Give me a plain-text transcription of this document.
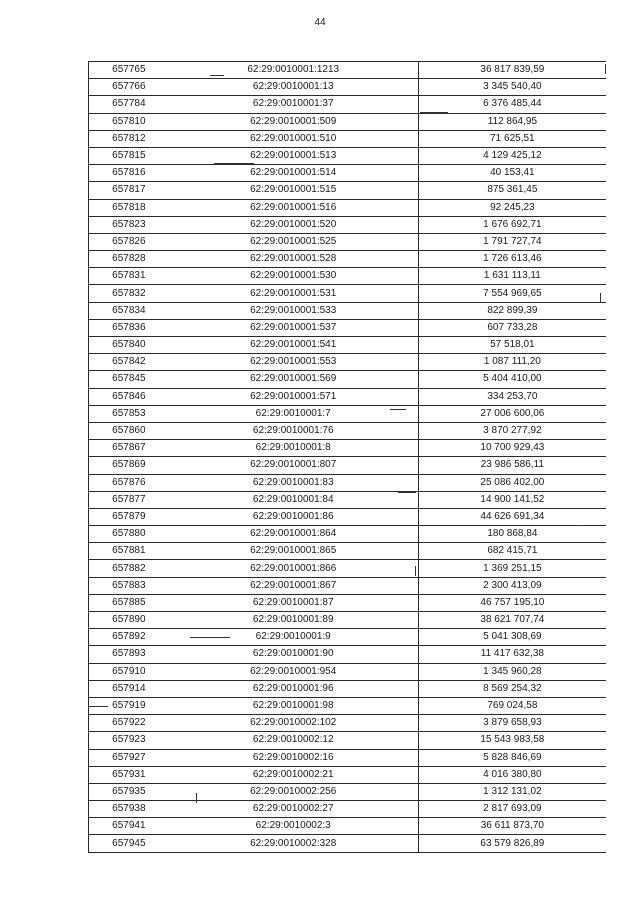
44
657765	62:29:0010001:1213	36 817 839,59
657766	62:29:0010001:13	3 345 540,40
657784	62:29:0010001:37	6 376 485,44
657810	62:29:0010001:509	112 864,95
657812	62:29:0010001:510	71 625,51
657815	62:29:0010001:513	4 129 425,12
657816	62:29:0010001:514	40 153,41
657817	62:29:0010001:515	875 361,45
657818	62:29:0010001:516	92 245,23
657823	62:29:0010001:520	1 676 692,71
657826	62:29:0010001:525	1 791 727,74
657828	62:29:0010001:528	1 726 613,46
657831	62:29:0010001:530	1 631 113,11
657832	62:29:0010001:531	7 554 969,65
657834	62:29:0010001:533	822 899,39
657836	62:29:0010001:537	607 733,28
657840	62:29:0010001:541	57 518,01
657842	62:29:0010001:553	1 087 111,20
657845	62:29:0010001:569	5 404 410,00
657846	62:29:0010001:571	334 253,70
657853	62:29:0010001:7	27 006 600,06
657860	62:29:0010001:76	3 870 277,92
657867	62:29:0010001:8	10 700 929,43
657869	62:29:0010001:807	23 986 586,11
657876	62:29:0010001:83	25 086 402,00
657877	62:29:0010001:84	14 900 141,52
657879	62:29:0010001:86	44 626 691,34
657880	62:29:0010001:864	180 868,84
657881	62:29:0010001:865	682 415,71
657882	62:29:0010001:866	1 369 251,15
657883	62:29:0010001:867	2 300 413,09
657885	62:29:0010001:87	46 757 195,10
657890	62:29:0010001:89	38 621 707,74
657892	62:29:0010001:9	5 041 308,69
657893	62:29:0010001:90	11 417 632,38
657910	62:29:0010001:954	1 345 960,28
657914	62:29:0010001:96	8 569 254,32
657919	62:29:0010001:98	769 024,58
657922	62:29:0010002:102	3 879 658,93
657923	62:29:0010002:12	15 543 983,58
657927	62:29:0010002:16	5 828 846,69
657931	62:29:0010002:21	4 016 380,80
657935	62:29:0010002:256	1 312 131,02
657938	62:29:0010002:27	2 817 693,09
657941	62:29:0010002:3	36 611 873,70
657945	62:29:0010002:328	63 579 826,89
